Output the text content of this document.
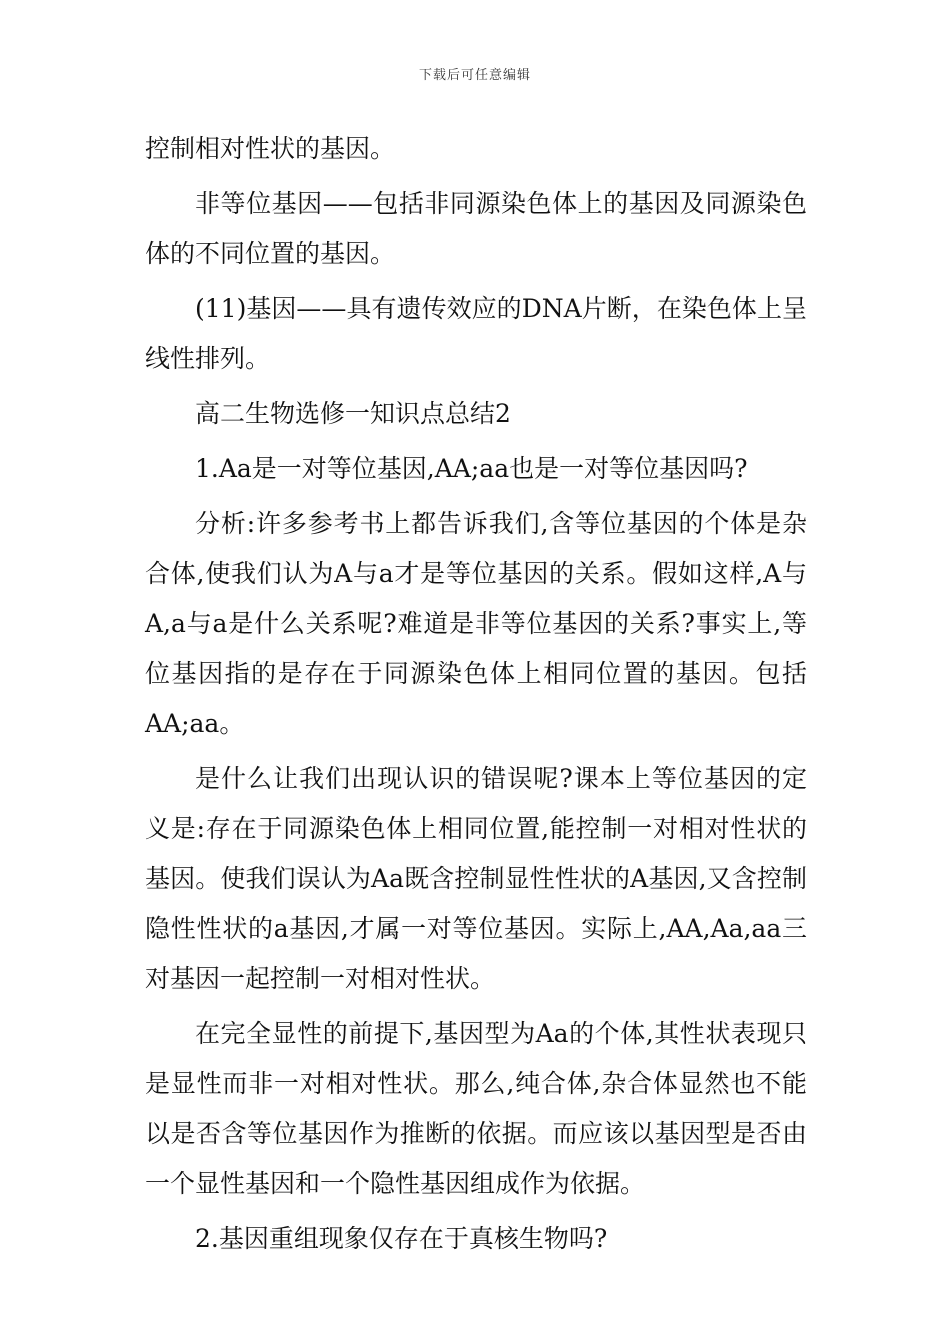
下载后可任意编辑

控制相对性状的基因。

非等位基因——包括非同源染色体上的基因及同源染色体的不同位置的基因。

(11)基因——具有遗传效应的DNA片断，在染色体上呈线性排列。

高二生物选修一知识点总结2

1.Aa是一对等位基因,AA;aa也是一对等位基因吗?

分析:许多参考书上都告诉我们,含等位基因的个体是杂合体,使我们认为A与a才是等位基因的关系。假如这样,A与A,a与a是什么关系呢?难道是非等位基因的关系?事实上,等位基因指的是存在于同源染色体上相同位置的基因。包括AA;aa。

是什么让我们出现认识的错误呢?课本上等位基因的定义是:存在于同源染色体上相同位置,能控制一对相对性状的基因。使我们误认为Aa既含控制显性性状的A基因,又含控制隐性性状的a基因,才属一对等位基因。实际上,AA,Aa,aa三对基因一起控制一对相对性状。

在完全显性的前提下,基因型为Aa的个体,其性状表现只是显性而非一对相对性状。那么,纯合体,杂合体显然也不能以是否含等位基因作为推断的依据。而应该以基因型是否由一个显性基因和一个隐性基因组成作为依据。

2.基因重组现象仅存在于真核生物吗?
